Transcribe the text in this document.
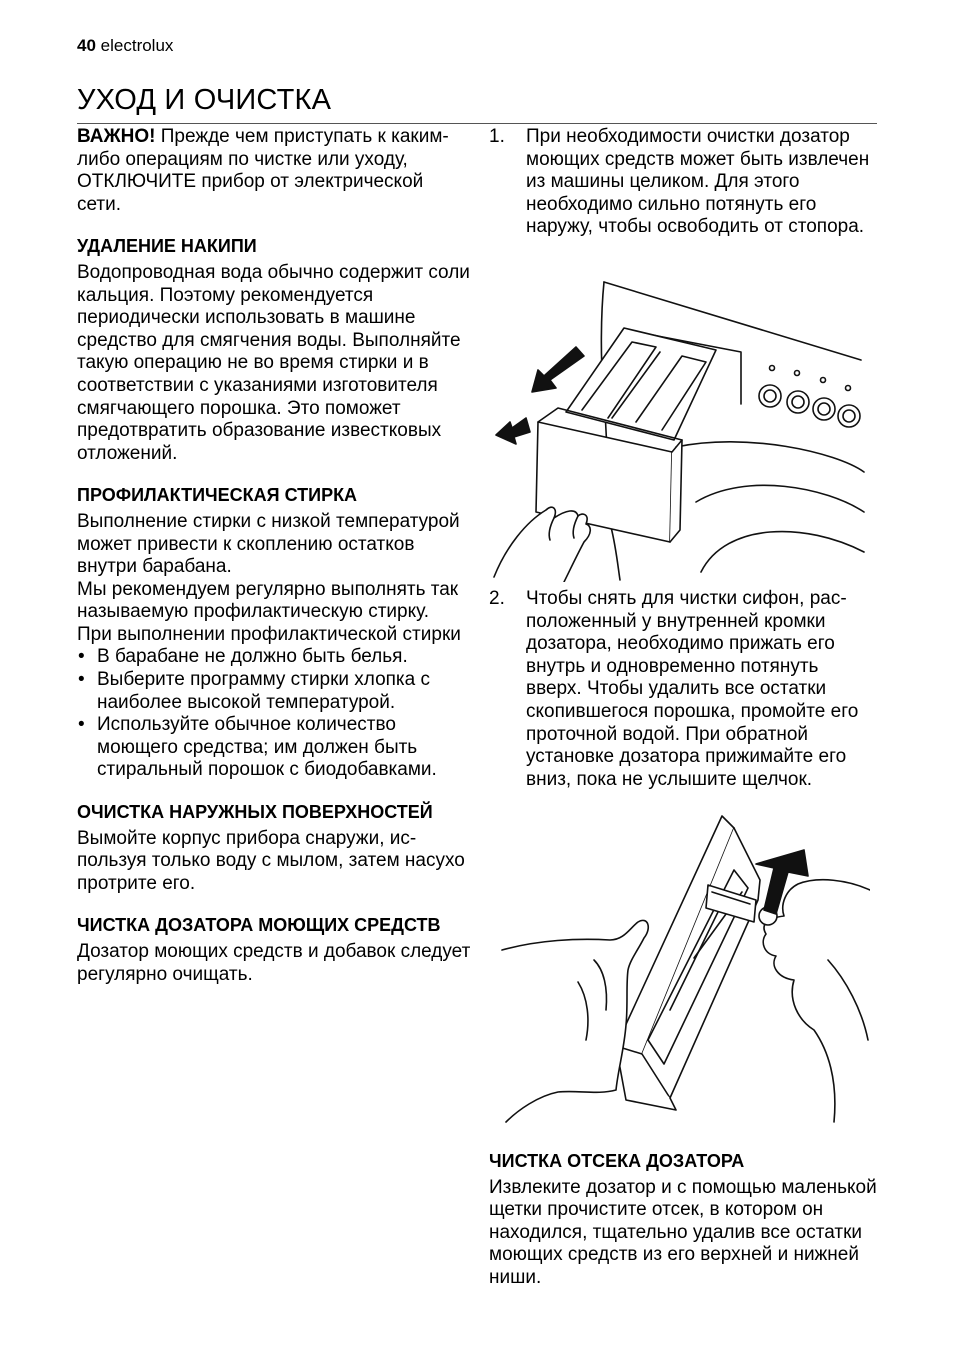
40 electrolux
УХОД И ОЧИСТКА

ВАЖНО! Прежде чем приступать к каким-либо операциям по чистке или уходу, ОТКЛЮЧИТЕ прибор от электрической сети.

УДАЛЕНИЕ НАКИПИ

Водопроводная вода обычно содержит соли кальция. Поэтому рекомендуется периодически использовать в машине средство для смягчения воды. Выполняйте такую операцию не во время стирки и в соответствии с указаниями изготовителя смягчающего порошка. Это поможет предотвратить образование известковых отложений.

ПРОФИЛАКТИЧЕСКАЯ СТИРКА

Выполнение стирки с низкой температурой может привести к скоплению остатков внутри барабана.

Мы рекомендуем регулярно выполнять так называемую профилактическую стирку.

При выполнении профилактической стирки

• В барабане не должно быть белья.
• Выберите программу стирки хлопка с наиболее высокой температурой.
• Используйте обычное количество моющего средства; им должен быть стиральный порошок с биодобавками.
ОЧИСТКА НАРУЖНЫХ ПОВЕРХНОСТЕЙ

Вымойте корпус прибора снаружи, используя только воду с мылом, затем насухо протрите его.

ЧИСТКА ДОЗАТОРА МОЮЩИХ СРЕДСТВ

Дозатор моющих средств и добавок следует регулярно очищать.

1. При необходимости очистки дозатор моющих средств может быть извлечен из машины целиком. Для этого необходимо сильно потянуть его наружу, чтобы освободить от стопора.
2. Чтобы снять для чистки сифон, расположенный у внутренней кромки дозатора, необходимо прижать его внутрь и одновременно потянуть вверх. Чтобы удалить все остатки скопившегося порошка, промойте его проточной водой. При обратной установке дозатора прижимайте его вниз, пока не услышите щелчок.
ЧИСТКА ОТСЕКА ДОЗАТОРА

Извлеките дозатор и с помощью маленькой щетки прочистите отсек, в котором он находился, тщательно удалив все остатки моющих средств из его верхней и нижней ниши.
